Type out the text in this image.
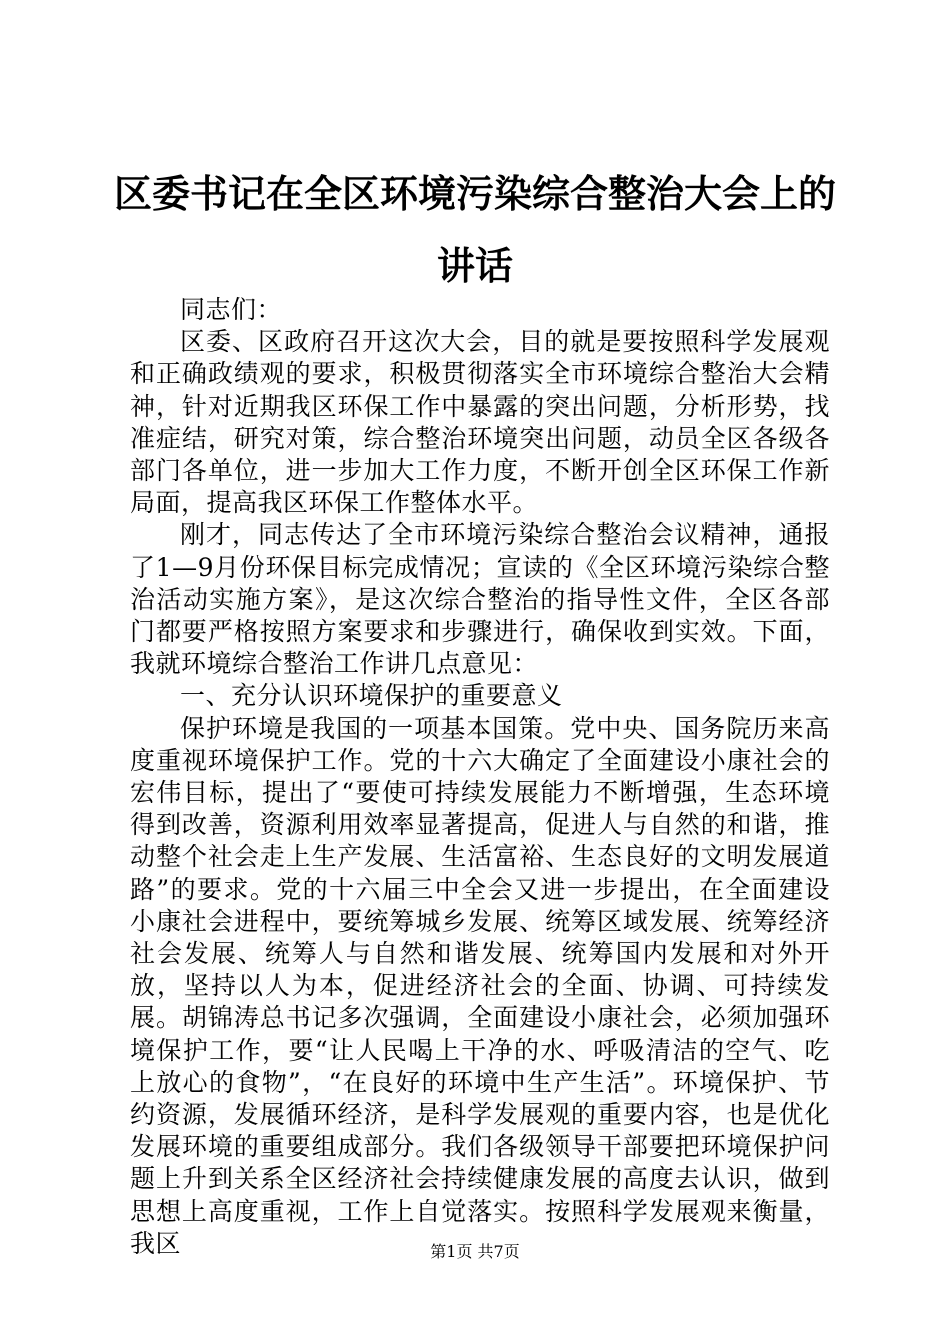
区委书记在全区环境污染综合整治大会上的讲话

同志们：

区委、区政府召开这次大会，目的就是要按照科学发展观和正确政绩观的要求，积极贯彻落实全市环境综合整治大会精神，针对近期我区环保工作中暴露的突出问题，分析形势，找准症结，研究对策，综合整治环境突出问题，动员全区各级各部门各单位，进一步加大工作力度，不断开创全区环保工作新局面，提高我区环保工作整体水平。

刚才，同志传达了全市环境污染综合整治会议精神，通报了1—9月份环保目标完成情况；宣读的《全区环境污染综合整治活动实施方案》，是这次综合整治的指导性文件，全区各部门都要严格按照方案要求和步骤进行，确保收到实效。下面，我就环境综合整治工作讲几点意见：

一、充分认识环境保护的重要意义

保护环境是我国的一项基本国策。党中央、国务院历来高度重视环境保护工作。党的十六大确定了全面建设小康社会的宏伟目标，提出了“要使可持续发展能力不断增强，生态环境得到改善，资源利用效率显著提高，促进人与自然的和谐，推动整个社会走上生产发展、生活富裕、生态良好的文明发展道路”的要求。党的十六届三中全会又进一步提出，在全面建设小康社会进程中，要统筹城乡发展、统筹区域发展、统筹经济社会发展、统筹人与自然和谐发展、统筹国内发展和对外开放，坚持以人为本，促进经济社会的全面、协调、可持续发展。胡锦涛总书记多次强调，全面建设小康社会，必须加强环境保护工作，要“让人民喝上干净的水、呼吸清洁的空气、吃上放心的食物”，“在良好的环境中生产生活”。环境保护、节约资源，发展循环经济，是科学发展观的重要内容，也是优化发展环境的重要组成部分。我们各级领导干部要把环境保护问题上升到关系全区经济社会持续健康发展的高度去认识，做到思想上高度重视，工作上自觉落实。按照科学发展观来衡量，我区	第1页 共7页
